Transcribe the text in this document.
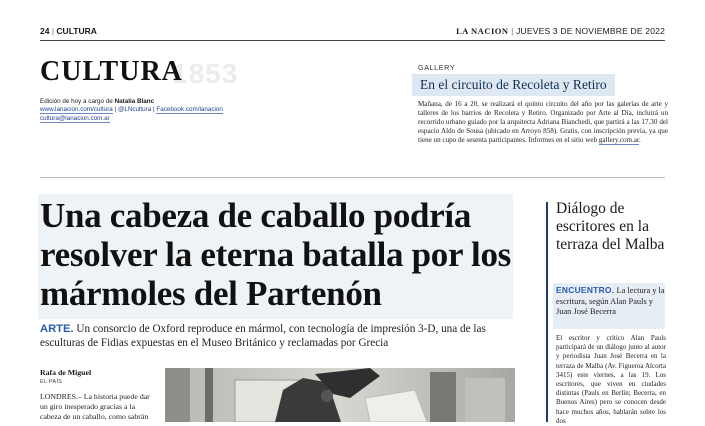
24 | CULTURA	LA NACION | JUEVES 3 DE NOVIEMBRE DE 2022
1853
CULTURA
Edición de hoy a cargo de Natalia Blanc
www.lanacion.com/cultura | @LNcultura | Facebook.com/lanacion
cultura@lanacion.com.ar
GALLERY
En el circuito de Recoleta y Retiro
Mañana, de 16 a 20, se realizará el quinto circuito del año por las galerías de arte y talleres de los barrios de Recoleta y Retiro. Organizado por Arte al Día, incluirá un recorrido urbano guiado por la arquitecta Adriana Bianchedi, que partirá a las 17.30 del espacio Aldo de Sousa (ubicado en Arroyo 858). Gratis, con inscripción previa, ya que tiene un cupo de sesenta participantes. Informes en el sitio web gallery.com.ar.
Una cabeza de caballo podría resolver la eterna batalla por los mármoles del Partenón
ARTE. Un consorcio de Oxford reproduce en mármol, con tecnología de impresión 3-D, una de las esculturas de Fidias expuestas en el Museo Británico y reclamadas por Grecia
Rafa de Miguel
EL PAÍS
LONDRES.– La historia puede dar un giro inesperado gracias a la cabeza de un caballo, como sabrán
Diálogo de escritores en la terraza del Malba
ENCUENTRO. La lectura y la escritura, según Alan Pauls y Juan José Becerra
El escritor y crítico Alan Pauls participará de un diálogo junto al autor y periodista Juan José Becerra en la terraza de Malba (Av. Figueroa Alcorta 3415) este viernes, a las 19. Los escritores, que viven en ciudades distintas (Pauls en Berlín; Becerra, en Buenos Aires) pero se conocen desde hace muchos años, hablarán sobre los dos
